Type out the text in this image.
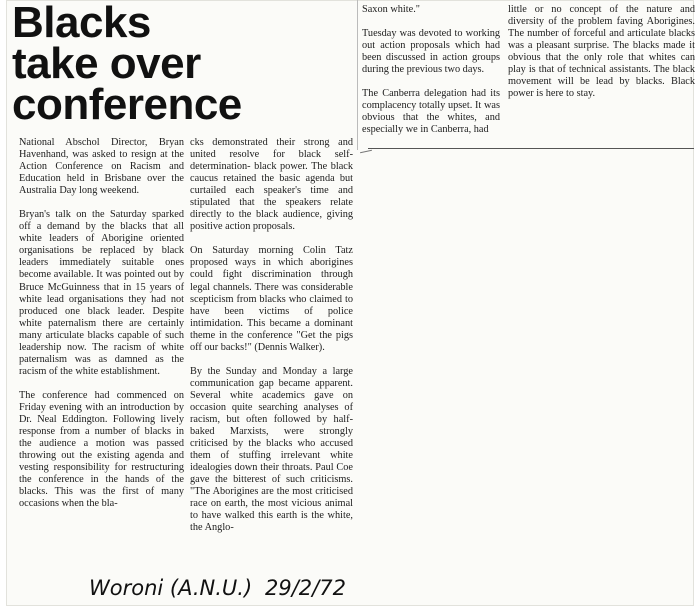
Blacks
take over
conference

National Abschol Director, Bryan Havenhand, was asked to resign at the Action Conference on Racism and Education held in Brisbane over the Australia Day long weekend.

Bryan's talk on the Saturday sparked off a demand by the blacks that all white leaders of Aborigine oriented organisations be replaced by black leaders immediately suitable ones become available. It was pointed out by Bruce McGuinness that in 15 years of white lead organisations they had not produced one black leader. Despite white paternalism there are certainly many articulate blacks capable of such leadership now. The racism of white paternalism was as damned as the racism of the white establishment.

The conference had commenced on Friday evening with an introduction by Dr. Neal Eddington. Following lively response from a number of blacks in the audience a motion was passed throwing out the existing agenda and vesting responsibility for restructuring the conference in the hands of the blacks. This was the first of many occasions when the bla-

cks demonstrated their strong and united resolve for black self-determination- black power. The black caucus retained the basic agenda but curtailed each speaker's time and stipulated that the speakers relate directly to the black audience, giving positive action proposals.

On Saturday morning Colin Tatz proposed ways in which aborigines could fight discrimination through legal channels. There was considerable scepticism from blacks who claimed to have been victims of police intimidation. This became a dominant theme in the conference "Get the pigs off our backs!" (Dennis Walker).

By the Sunday and Monday a large communication gap became apparent. Several white academics gave on occasion quite searching analyses of racism, but often followed by half-baked Marxists, were strongly criticised by the blacks who accused them of stuffing irrelevant white idealogies down their throats. Paul Coe gave the bitterest of such criticisms. "The Aborigines are the most criticised race on earth, the most vicious animal to have walked this earth is the white, the Anglo-

Saxon white."

Tuesday was devoted to working out action proposals which had been discussed in action groups during the previous two days.

The Canberra delegation had its complacency totally upset. It was obvious that the whites, and especially we in Canberra, had

little or no concept of the nature and diversity of the problem faving Aborigines. The number of forceful and articulate blacks was a pleasant surprise. The blacks made it obvious that the only role that whites can play is that of technical assistants. The black movement will be lead by blacks. Black power is here to stay.

Woroni (A.N.U.) 29/2/72
